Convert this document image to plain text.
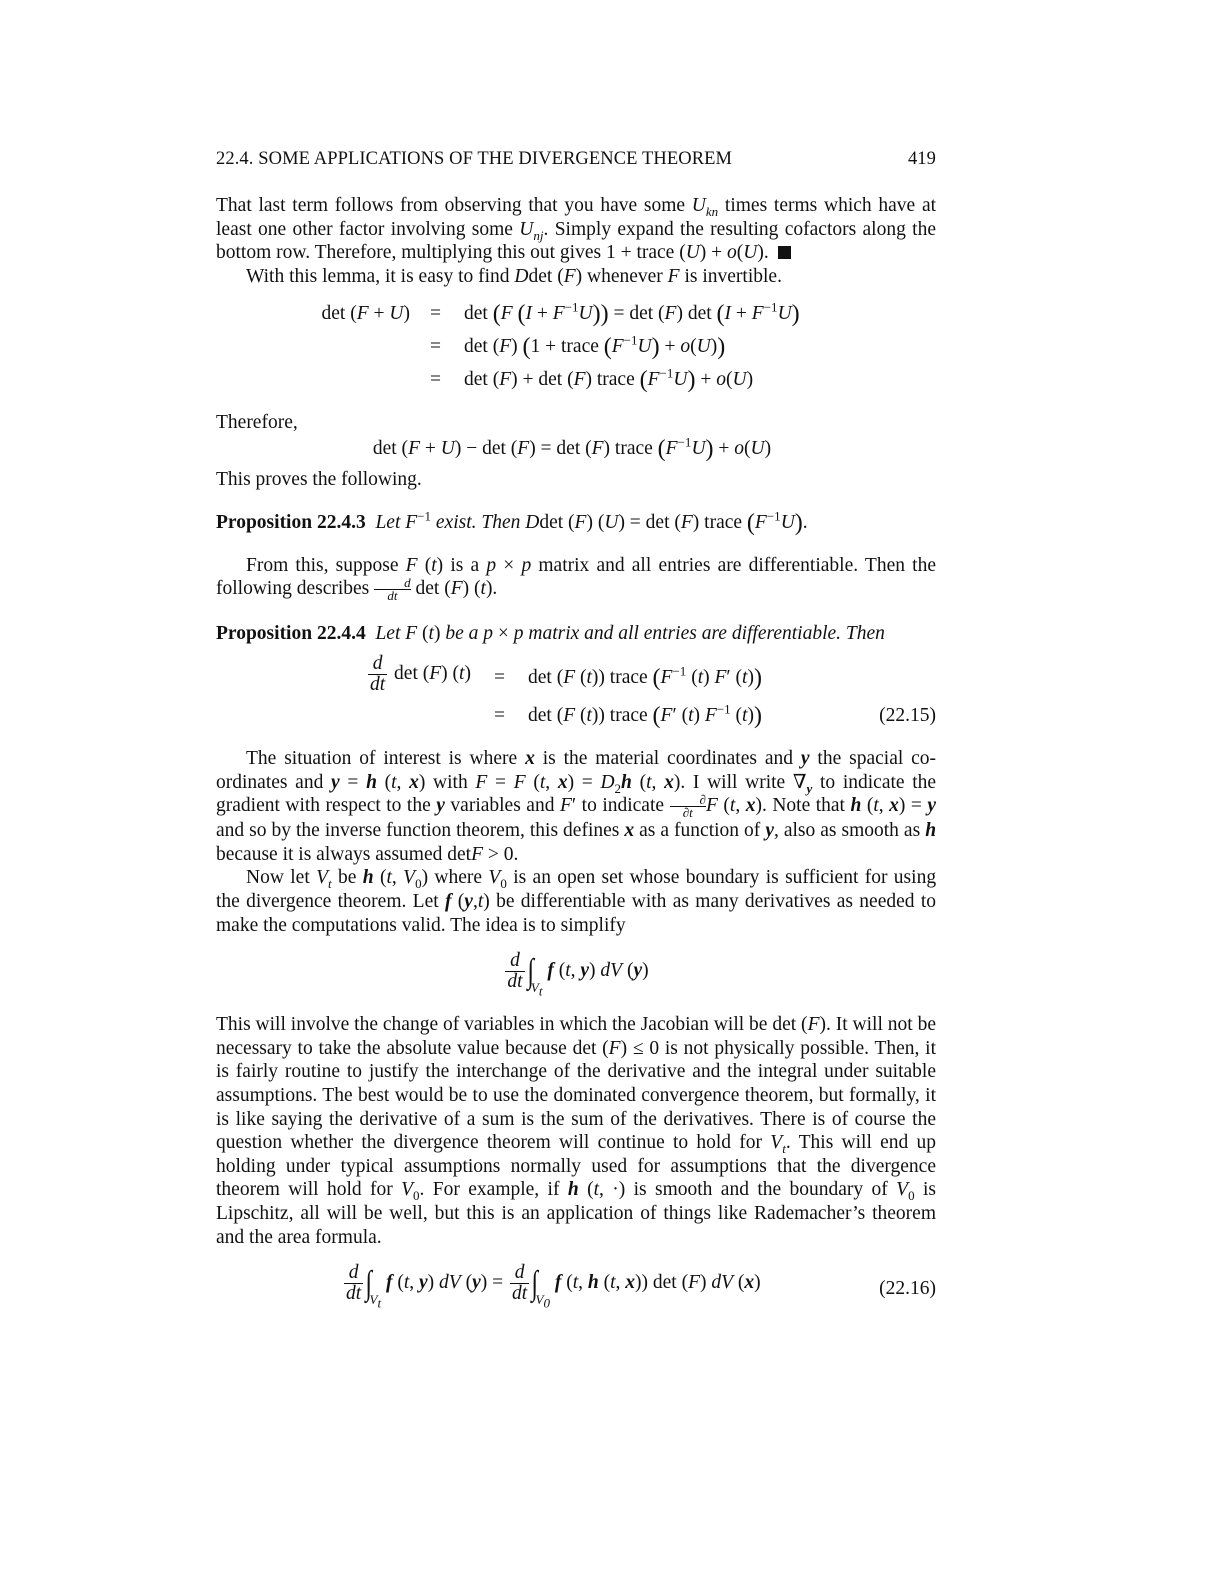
22.4. SOME APPLICATIONS OF THE DIVERGENCE THEOREM	419

That last term follows from observing that you have some $U_{kn}$ times terms which have at least one other factor involving some $U_{nj}$. Simply expand the resulting cofactors along the bottom row. Therefore, multiplying this out gives 1 + trace (U) + o(U).

With this lemma, it is easy to find Ddet (F) whenever F is invertible.

det (F + U) = det (F $(I + F^{-1}U)) = \det (F)$ $\det (I + F^{-1}U)$
= det (F) (1 + trace $(F^{-1}U) + o(U)$)
= det (F) + det (F) trace $(F^{-1}U) + o(U)$

Therefore,

det (F + U) − det (F) = det (F) trace $(F^{-1}U) + o(U)$

This proves the following.

Proposition 22.4.3 Let $F^{-1}$ exist. Then Ddet (F) (U) = det (F) trace $(F^{-1}U)$.

From this, suppose F (t) is a p × p matrix and all entries are differentiable. Then the following describes $\frac{d}{dt}$ det (F) (t).

Proposition 22.4.4 Let F (t) be a p × p matrix and all entries are differentiable. Then

$\frac{d}{dt}$ det (F) (t) = det (F (t)) trace ($F^{-1}$ (t) F′ (t))
= det (F (t)) trace (F′ (t) $F^{-1}$ (t))	(22.15)

The situation of interest is where x is the material coordinates and y the spacial co-ordinates and y = h (t, x) with F = F (t, $x) = D_2h$ (t, x). I will write $\nabla_y$ to indicate the gradient with respect to the y variables and F′ to indicate	∂
∂t F (t, x). Note that h (t, x) = y and so by the inverse function theorem, this defines x as a function of y, also as smooth as h because it is always assumed detF > 0.

Now let $V_t$ be h (t, $V_0$) where $V_0$ is an open set whose boundary is sufficient for using the divergence theorem. Let f (y,t) be differentiable with as many derivatives as needed to make the computations valid. The idea is to simplify

$\frac{d}{dt} \int_{V_t}$ f (t, y) dV (y)

This will involve the change of variables in which the Jacobian will be det (F). It will not be necessary to take the absolute value because det (F) ≤ 0 is not physically possible. Then, it is fairly routine to justify the interchange of the derivative and the integral under suitable assumptions. The best would be to use the dominated convergence theorem, but formally, it is like saying the derivative of a sum is the sum of the derivatives. There is of course the question whether the divergence theorem will continue to hold for $V_t$. This will end up holding under typical assumptions normally used for assumptions that the divergence theorem will hold for $V_0$. For example, if h (t, ·) is smooth and the boundary of $V_0$ is Lipschitz, all will be well, but this is an application of things like Rademacher’s theorem and the area formula.

$\frac{d}{dt} \int_{V_t}$ f (t, y) dV $(y) = \frac{d}{dt} \int_{V_0}$ f (t, h (t, x)) det (F) dV (x)	(22.16)
